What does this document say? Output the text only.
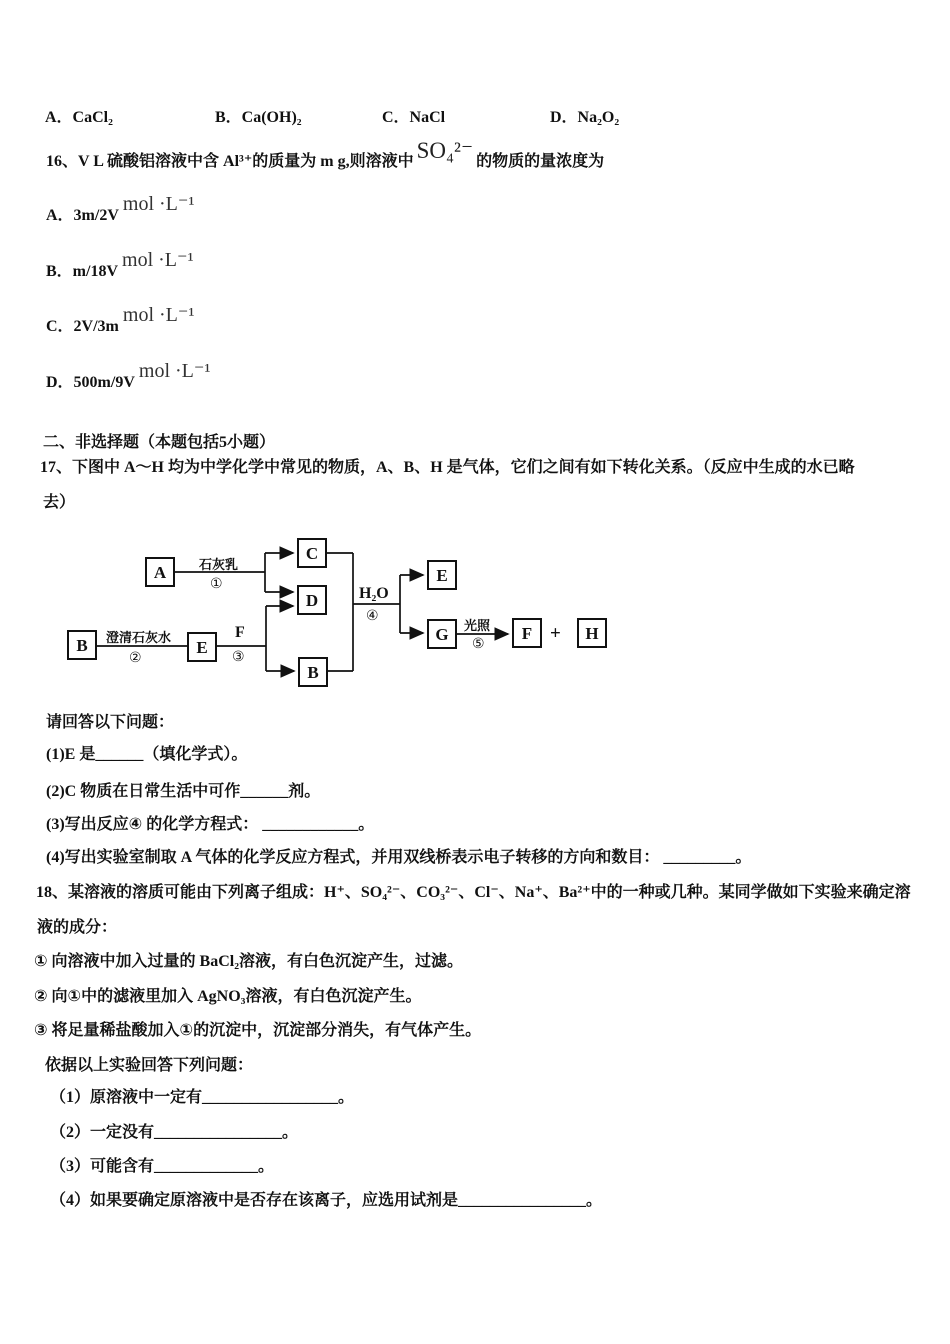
A．CaCl₂	B．Ca(OH)₂	C．NaCl	D．Na₂O₂
16、V L 硫酸铝溶液中含 Al³⁺的质量为 m g,则溶液中 SO₄²⁻ 的物质的量浓度为
A．3m/2Vmol ·L⁻¹
B．m/18Vmol ·L⁻¹
C．2V/3mmol ·L⁻¹
D．500m/9Vmol ·L⁻¹
二、非选择题（本题包括5小题）
17、下图中 A～H 均为中学化学中常见的物质，A、B、H 是气体，它们之间有如下转化关系。（反应中生成的水已略
去）
A
B	E
C
D
B
E
G	F	H
石灰乳
①
澄清石灰水
②
F
③
H₂O
④
光照
⑤
+
请回答以下问题：
(1)E 是______（填化学式）。
(2)C 物质在日常生活中可作______剂。
(3)写出反应④ 的化学方程式： ____________。
(4)写出实验室制取 A 气体的化学反应方程式，并用双线桥表示电子转移的方向和数目： _________。
18、某溶液的溶质可能由下列离子组成：H⁺、SO₄²⁻、CO₃²⁻、Cl⁻、Na⁺、Ba²⁺中的一种或几种。某同学做如下实验来确定溶
液的成分：
① 向溶液中加入过量的 BaCl₂溶液，有白色沉淀产生，过滤。
② 向①中的滤液里加入 AgNO₃溶液，有白色沉淀产生。
③ 将足量稀盐酸加入①的沉淀中，沉淀部分消失，有气体产生。
依据以上实验回答下列问题：
（1）原溶液中一定有_________________。
（2）一定没有________________。
（3）可能含有_____________。
（4）如果要确定原溶液中是否存在该离子，应选用试剂是________________。
